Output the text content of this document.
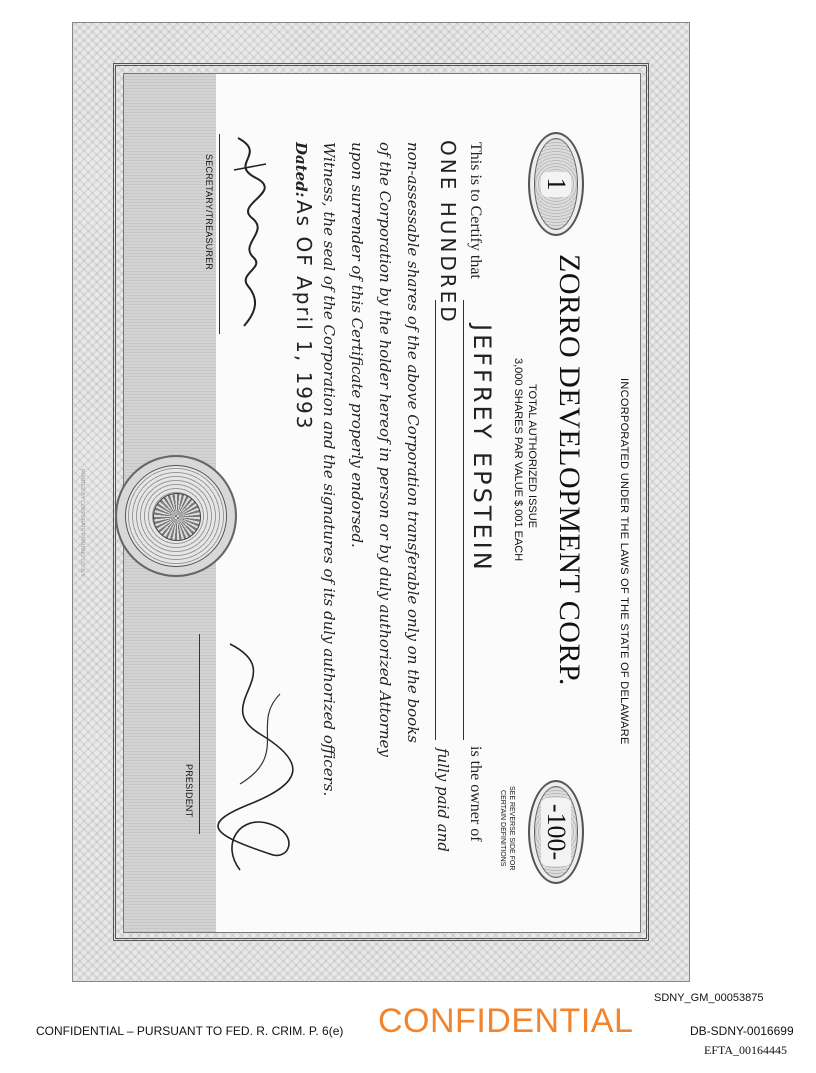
INCORPORATED UNDER THE LAWS OF THE STATE OF DELAWARE
ZORRO DEVELOPMENT CORP.
TOTAL AUTHORIZED ISSUE
3,000 SHARES PAR VALUE $.001 EACH
1
-100-
SEE REVERSE SIDE FOR
CERTAIN DEFINITIONS
This is to Certify that
JEFFREY EPSTEIN
is the owner of
ONE HUNDRED
fully paid and
non-assessable shares of the above Corporation transferable only on the books
of the Corporation by the holder hereof in person or by duly authorized Attorney
upon surrender of this Certificate properly endorsed.
Witness, the seal of the Corporation and the signatures of its duly authorized officers.
Dated:
As OF April 1, 1993
SECRETARY/TREASURER
PRESIDENT
PRINTED BY CORPORATE PRINTING CO. N.Y.
SDNY_GM_00053875
CONFIDENTIAL – PURSUANT TO FED. R. CRIM. P. 6(e) CONFIDENTIAL	DB-SDNY-0016699
EFTA_00164445
